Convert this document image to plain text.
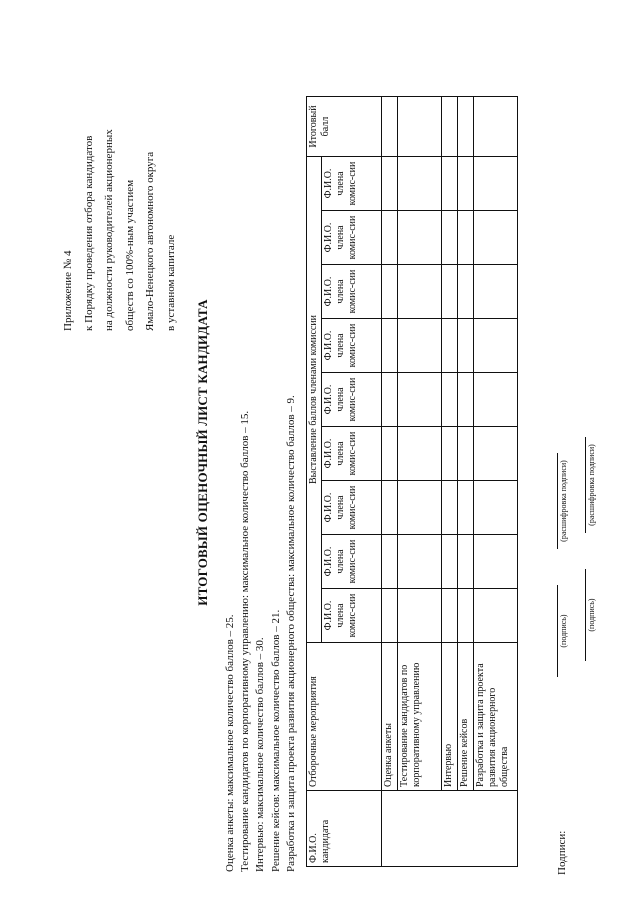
Приложение № 4 к Порядку проведения отбора кандидатов на должности руководителей акционерных обществ со 100%-ным участием Ямало-Ненецкого автономного округа в уставном капитале
ИТОГОВЫЙ ОЦЕНОЧНЫЙ ЛИСТ КАНДИДАТА
Оценка анкеты: максимальное количество баллов – 25. Тестирование кандидатов по корпоративному управлению: максимальное количество баллов – 15. Интервью: максимальное количество баллов – 30. Решение кейсов: максимальное количество баллов – 21. Разработка и защита проекта развития акционерного общества: максимальное количество баллов – 9. Ф.И.О. кандидата	Отборочные мероприятия	Выставление баллов членами комиссии									Итоговый балл
		Ф.И.О. члена комис-сии	Ф.И.О. члена комис-сии	Ф.И.О. члена комис-сии	Ф.И.О. члена комис-сии	Ф.И.О. члена комис-сии	Ф.И.О. члена комис-сии	Ф.И.О. члена комис-сии	Ф.И.О. члена комис-сии	Ф.И.О. члена комис-сии	
	Оценка анкеты										
	Тестирование кандидатов по корпоративному управлению										
	Интервью										
	Решение кейсов										
	Разработка и защита проекта развития акционерного общества										
Подписи:
(подпись)
(расшифровка подписи)
(подпись)
(расшифровка подписи)
